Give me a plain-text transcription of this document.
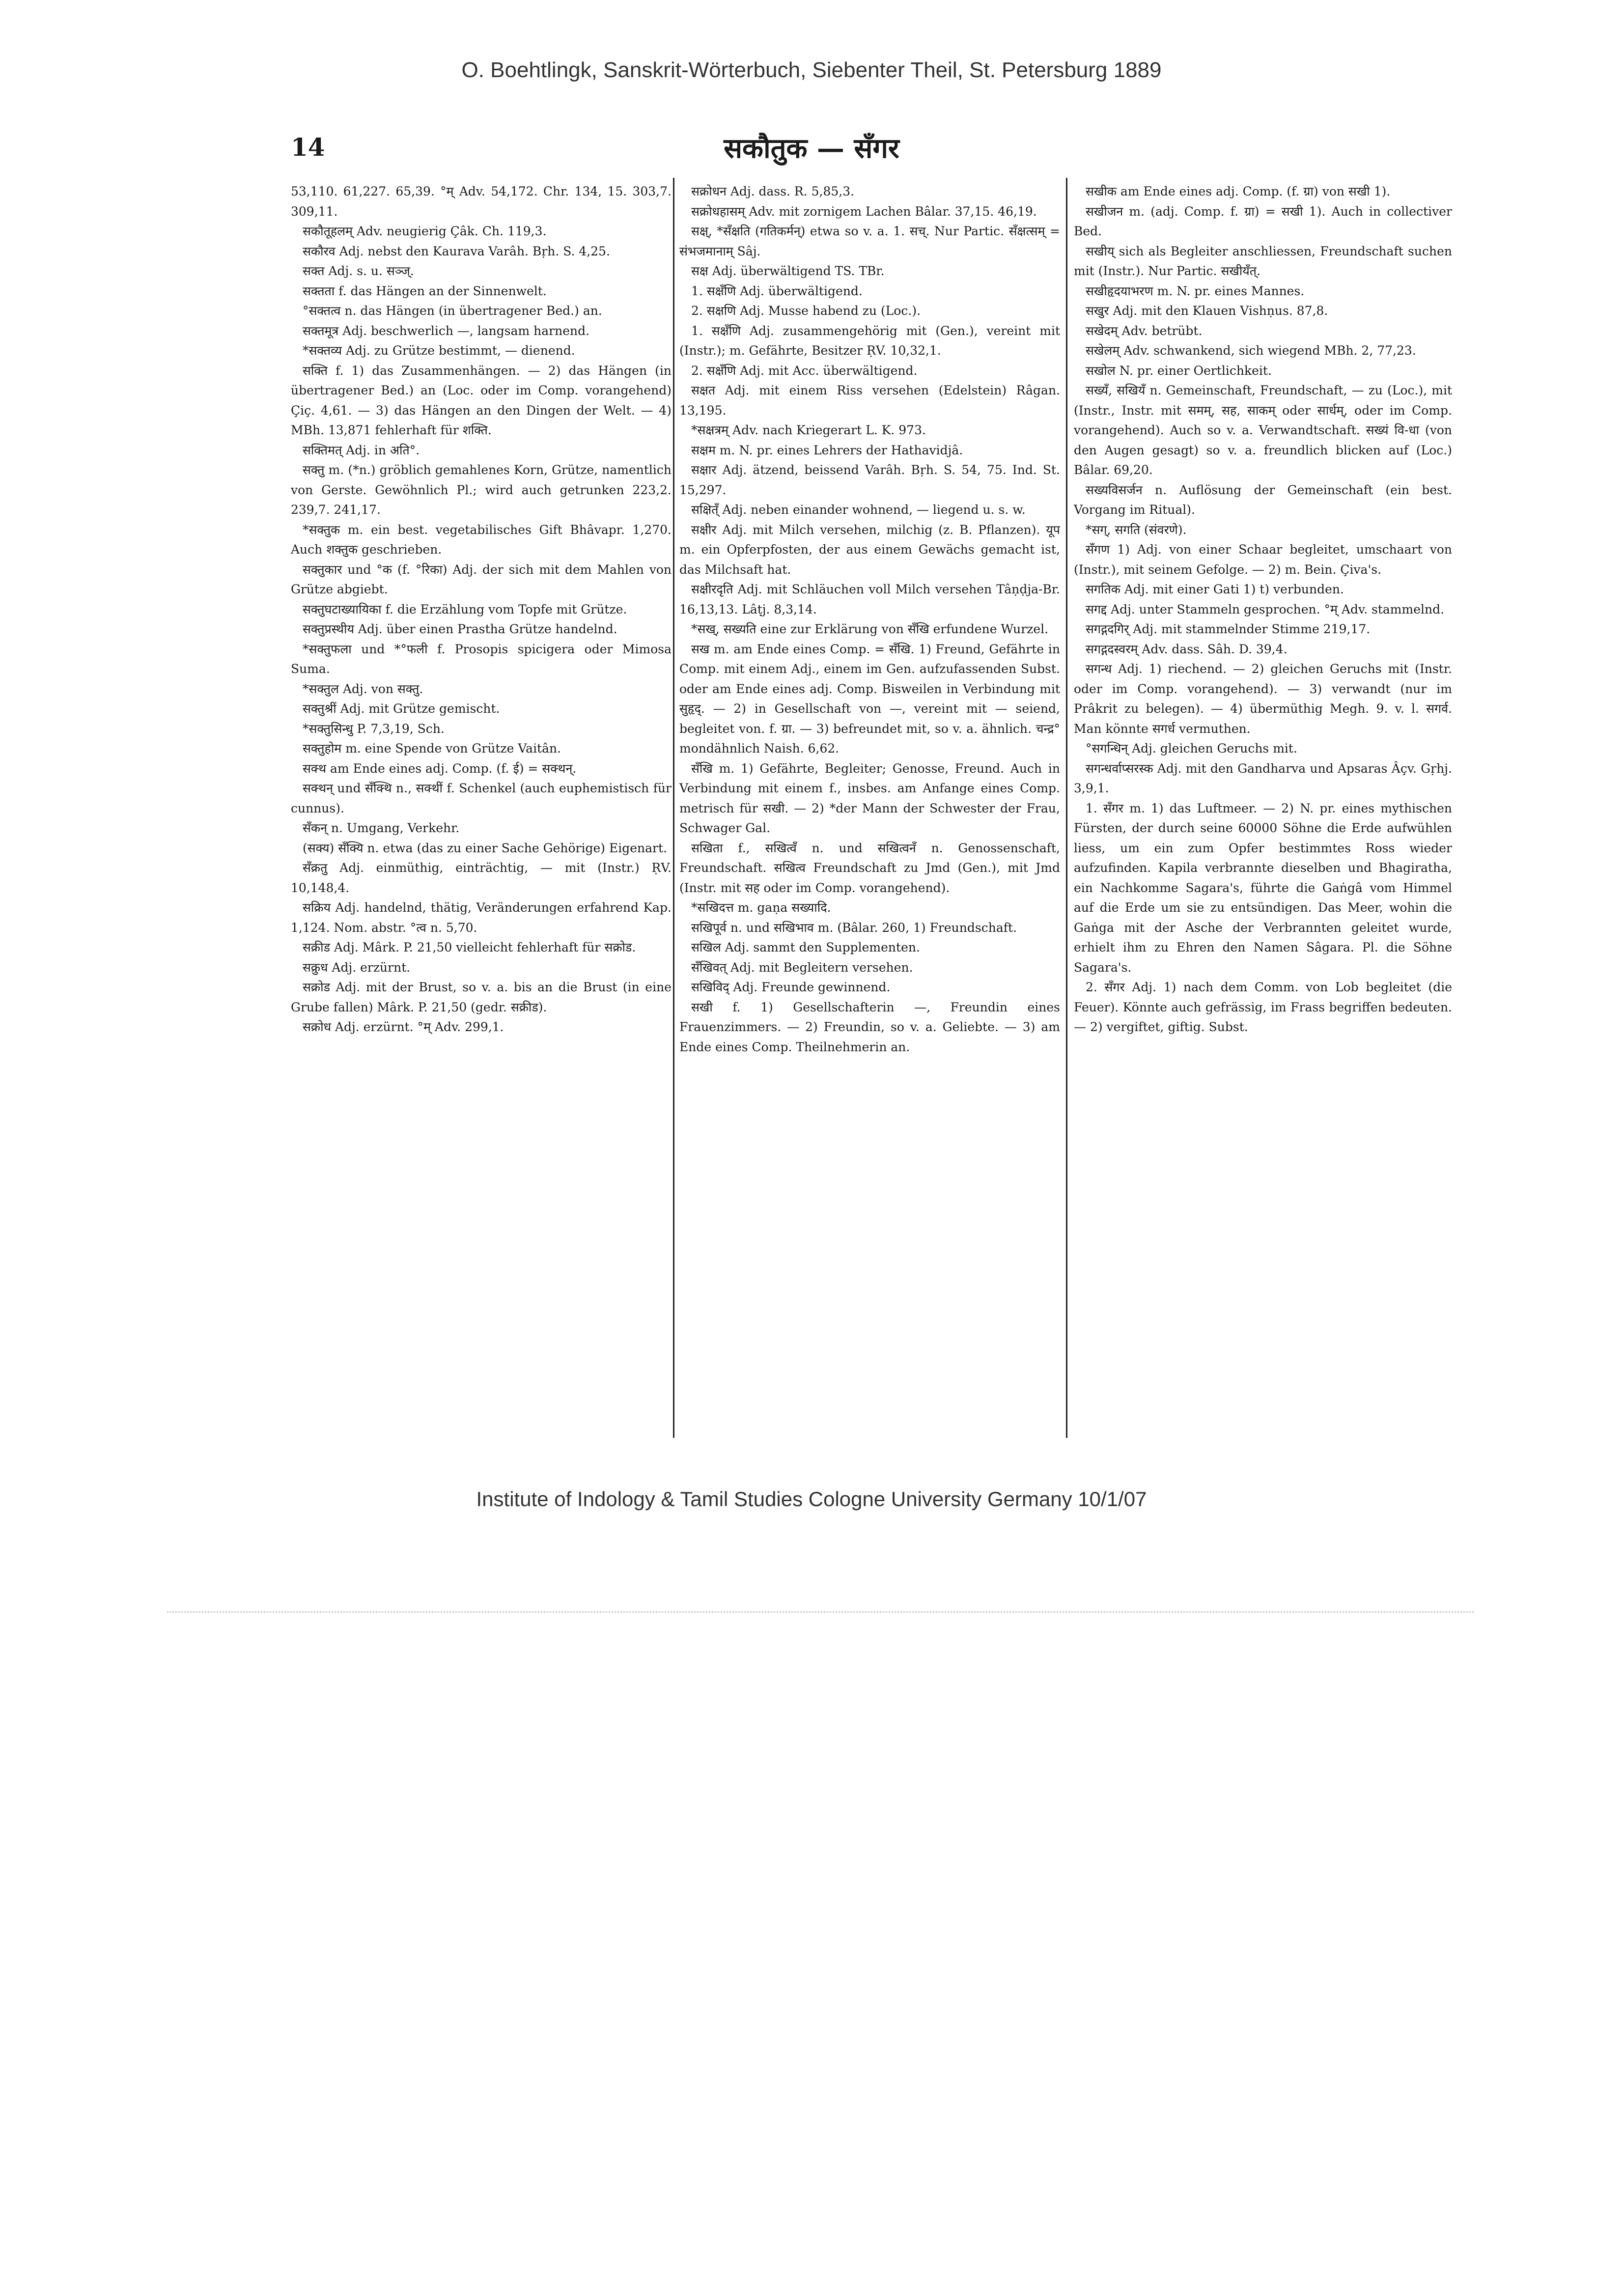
O. Boehtlingk, Sanskrit-Wörterbuch, Siebenter Theil, St. Petersburg 1889
14	सकौतुक — सँगर

53,110. 61,227. 65,39. °म् Adv. 54,172. Chr. 134, 15. 303,7. 309,11.

सकौतूहलम् Adv. neugierig Çâk. Ch. 119,3.

सकौरव Adj. nebst den Kaurava Varâh. Bṛh. S. 4,25.

सक्त Adj. s. u. सञ्ज्.

सक्तता f. das Hängen an der Sinnenwelt.

°सक्तत्व n. das Hängen (in übertragener Bed.) an.

सक्तमूत्र Adj. beschwerlich —, langsam harnend.

*सक्तव्य Adj. zu Grütze bestimmt, — dienend.

सक्ति f. 1) das Zusammenhängen. — 2) das Hängen (in übertragener Bed.) an (Loc. oder im Comp. vorangehend) Çiç. 4,61. — 3) das Hängen an den Dingen der Welt. — 4) MBh. 13,871 fehlerhaft für शक्ति.

सक्तिमत् Adj. in अति°.

सक्तु m. (*n.) gröblich gemahlenes Korn, Grütze, namentlich von Gerste. Gewöhnlich Pl.; wird auch getrunken 223,2. 239,7. 241,17.

*सक्तुक m. ein best. vegetabilisches Gift Bhâvapr. 1,270. Auch शक्तुक geschrieben.

सक्तुकार und °क (f. °रिका) Adj. der sich mit dem Mahlen von Grütze abgiebt.

सक्तुघटाख्यायिका f. die Erzählung vom Topfe mit Grütze.

सक्तुप्रस्थीय Adj. über einen Prastha Grütze handelnd.

*सक्तुफला und *°फली f. Prosopis spicigera oder Mimosa Suma.

*सक्तुल Adj. von सक्तु.

सक्तुश्रीं Adj. mit Grütze gemischt.

*सक्तुसिन्धु P. 7,3,19, Sch.

सक्तुहोम m. eine Spende von Grütze Vaitân.

सक्थ am Ende eines adj. Comp. (f. ई) = सक्थन्.

सक्थन् und सँक्थि n., सक्थीं f. Schenkel (auch euphemistisch für cunnus).

सँकन् n. Umgang, Verkehr.

(सक्य) सँक्यि n. etwa (das zu einer Sache Gehörige) Eigenart.

सँक्रतु Adj. einmüthig, einträchtig, — mit (Instr.) ṚV. 10,148,4.

सक्रिय Adj. handelnd, thätig, Veränderungen erfahrend Kap. 1,124. Nom. abstr. °त्व n. 5,70.

सक्रीड Adj. Mârk. P. 21,50 vielleicht fehlerhaft für सक्रोड.

सक्रुध Adj. erzürnt.

सक्रोड Adj. mit der Brust, so v. a. bis an die Brust (in eine Grube fallen) Mârk. P. 21,50 (gedr. सक्रीड).

सक्रोध Adj. erzürnt. °म् Adv. 299,1.

सक्रोधन Adj. dass. R. 5,85,3.

सक्रोधहासम् Adv. mit zornigem Lachen Bâlar. 37,15. 46,19.

सक्ष्, *सँक्षति (गतिकर्मन्) etwa so v. a. 1. सच्. Nur Partic. सँक्षत्सम् = संभजमानाम् Sâj.

सक्ष Adj. überwältigend TS. TBr.

1. सक्षँणि Adj. überwältigend.

2. सक्षणि Adj. Musse habend zu (Loc.).

1. सक्षँणि Adj. zusammengehörig mit (Gen.), vereint mit (Instr.); m. Gefährte, Besitzer ṚV. 10,32,1.

2. सक्षँणि Adj. mit Acc. überwältigend.

सक्षत Adj. mit einem Riss versehen (Edelstein) Râgan. 13,195.

*सक्षत्रम् Adv. nach Kriegerart L. K. 973.

सक्षम m. N. pr. eines Lehrers der Hathavidjâ.

सक्षार Adj. ätzend, beissend Varâh. Bṛh. S. 54, 75. Ind. St. 15,297.

सक्षित्ँ Adj. neben einander wohnend, — liegend u. s. w.

सक्षीर Adj. mit Milch versehen, milchig (z. B. Pflanzen). यूप m. ein Opferpfosten, der aus einem Gewächs gemacht ist, das Milchsaft hat.

सक्षीरदृति Adj. mit Schläuchen voll Milch versehen Tâṇḍja-Br. 16,13,13. Lâṭj. 8,3,14.

*सख्, सख्यति eine zur Erklärung von सँखि erfundene Wurzel.

सख m. am Ende eines Comp. = सँखि. 1) Freund, Gefährte in Comp. mit einem Adj., einem im Gen. aufzufassenden Subst. oder am Ende eines adj. Comp. Bisweilen in Verbindung mit सुहृद्. — 2) in Gesellschaft von —, vereint mit — seiend, begleitet von. f. ग्रा. — 3) befreundet mit, so v. a. ähnlich. चन्द्र° mondähnlich Naish. 6,62.

सँखि m. 1) Gefährte, Begleiter; Genosse, Freund. Auch in Verbindung mit einem f., insbes. am Anfange eines Comp. metrisch für सखी. — 2) *der Mann der Schwester der Frau, Schwager Gal.

सखिता f., सखित्वँ n. und सखित्वनँ n. Genossenschaft, Freundschaft. सखित्व Freundschaft zu Jmd (Gen.), mit Jmd (Instr. mit सह oder im Comp. vorangehend).

*सखिदत्त m. gaṇa सख्यादि.

सखिपूर्व n. und सखिभाव m. (Bâlar. 260, 1) Freundschaft.

सखिल Adj. sammt den Supplementen.

सँखिवत् Adj. mit Begleitern versehen.

सखिविद् Adj. Freunde gewinnend.

सखी f. 1) Gesellschafterin —, Freundin eines Frauenzimmers. — 2) Freundin, so v. a. Geliebte. — 3) am Ende eines Comp. Theilnehmerin an.

सखीक am Ende eines adj. Comp. (f. ग्रा) von सखी 1).

सखीजन m. (adj. Comp. f. ग्रा) = सखी 1). Auch in collectiver Bed.

सखीय् sich als Begleiter anschliessen, Freundschaft suchen mit (Instr.). Nur Partic. सखीयँत्.

सखीहृदयाभरण m. N. pr. eines Mannes.

सखुर Adj. mit den Klauen Vishṇus. 87,8.

सखेदम् Adv. betrübt.

सखेलम् Adv. schwankend, sich wiegend MBh. 2, 77,23.

सखोल N. pr. einer Oertlichkeit.

सख्यँ, सखियँ n. Gemeinschaft, Freundschaft, — zu (Loc.), mit (Instr., Instr. mit समम्, सह, साकम् oder सार्धम्, oder im Comp. vorangehend). Auch so v. a. Verwandtschaft. सख्यं वि-धा (von den Augen gesagt) so v. a. freundlich blicken auf (Loc.) Bâlar. 69,20.

सख्यविसर्जन n. Auflösung der Gemeinschaft (ein best. Vorgang im Ritual).

*सग्, सगति (संवरणे).

सँगण 1) Adj. von einer Schaar begleitet, umschaart von (Instr.), mit seinem Gefolge. — 2) m. Bein. Çiva's.

सगतिक Adj. mit einer Gati 1) t) verbunden.

सगद्द Adj. unter Stammeln gesprochen. °म् Adv. stammelnd.

सगद्गदगिर् Adj. mit stammelnder Stimme 219,17.

सगद्गदस्वरम् Adv. dass. Sâh. D. 39,4.

सगन्ध Adj. 1) riechend. — 2) gleichen Geruchs mit (Instr. oder im Comp. vorangehend). — 3) verwandt (nur im Prâkrit zu belegen). — 4) übermüthig Megh. 9. v. l. सगर्व. Man könnte सगर्ध vermuthen.

°सगन्धिन् Adj. gleichen Geruchs mit.

सगन्धर्वाप्सरस्क Adj. mit den Gandharva und Apsaras Âçv. Gṛhj. 3,9,1.

1. सँगर m. 1) das Luftmeer. — 2) N. pr. eines mythischen Fürsten, der durch seine 60000 Söhne die Erde aufwühlen liess, um ein zum Opfer bestimmtes Ross wieder aufzufinden. Kapila verbrannte dieselben und Bhagiratha, ein Nachkomme Sagara's, führte die Gaṅgâ vom Himmel auf die Erde um sie zu entsündigen. Das Meer, wohin die Gaṅga mit der Asche der Verbrannten geleitet wurde, erhielt ihm zu Ehren den Namen Sâgara. Pl. die Söhne Sagara's.

2. सँगर Adj. 1) nach dem Comm. von Lob begleitet (die Feuer). Könnte auch gefrässig, im Frass begriffen bedeuten. — 2) vergiftet, giftig. Subst.

Institute of Indology & Tamil Studies Cologne University Germany 10/1/07
